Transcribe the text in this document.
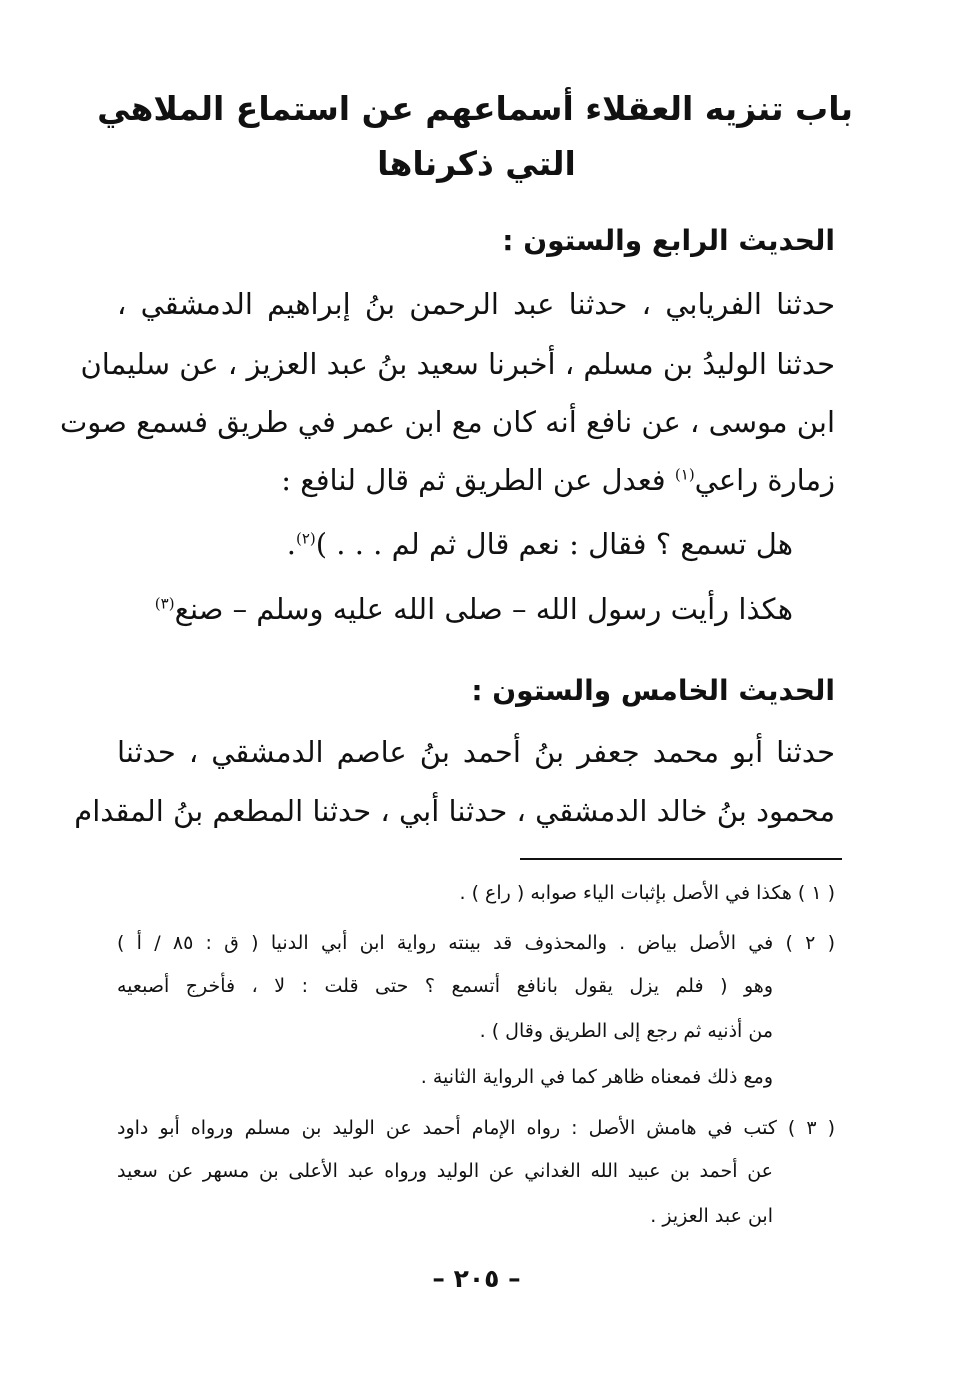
باب تنزيه العقلاء أسماعهم عن استماع الملاهي
التي ذكرناها
الحديث الرابع والستون :
حدثنا الفريابي ، حدثنا عبد الرحمن بنُ إبراهيم الدمشقي ،
حدثنا الوليدُ بن مسلم ، أخبرنا سعيد بنُ عبد العزيز ، عن سليمان
ابن موسى ، عن نافع أنه كان مع ابن عمر في طريق فسمع صوت
زمارة راعي$^{(١)}$ فعدل عن الطريق ثم قال لنافع :
هل تسمع ؟ فقال : نعم قال ثم لم . . . )$^{(٢)}$.
هكذا رأيت رسول الله – صلى الله عليه وسلم – صنع$^{(٣)}$
الحديث الخامس والستون :
حدثنا أبو محمد جعفر بنُ أحمد بنُ عاصم الدمشقي ، حدثنا
محمود بنُ خالد الدمشقي ، حدثنا أبي ، حدثنا المطعم بنُ المقدام
( ١ ) هكذا في الأصل بإثبات الياء صوابه ( راع ) .
( ٢ ) في الأصل بياض . والمحذوف قد بينته رواية ابن أبي الدنيا ( ق : ٨٥ / أ )
وهو ( فلم يزل يقول بانافع أتسمع ؟ حتى قلت : لا ، فأخرج أصبعيه
من أذنيه ثم رجع إلى الطريق وقال ) .
ومع ذلك فمعناه ظاهر كما في الرواية الثانية .
( ٣ ) كتب في هامش الأصل : رواه الإمام أحمد عن الوليد بن مسلم ورواه أبو داود
عن أحمد بن عبيد الله الغداني عن الوليد ورواه عبد الأعلى بن مسهر عن سعيد
ابن عبد العزيز .
– ٢٠٥ –
